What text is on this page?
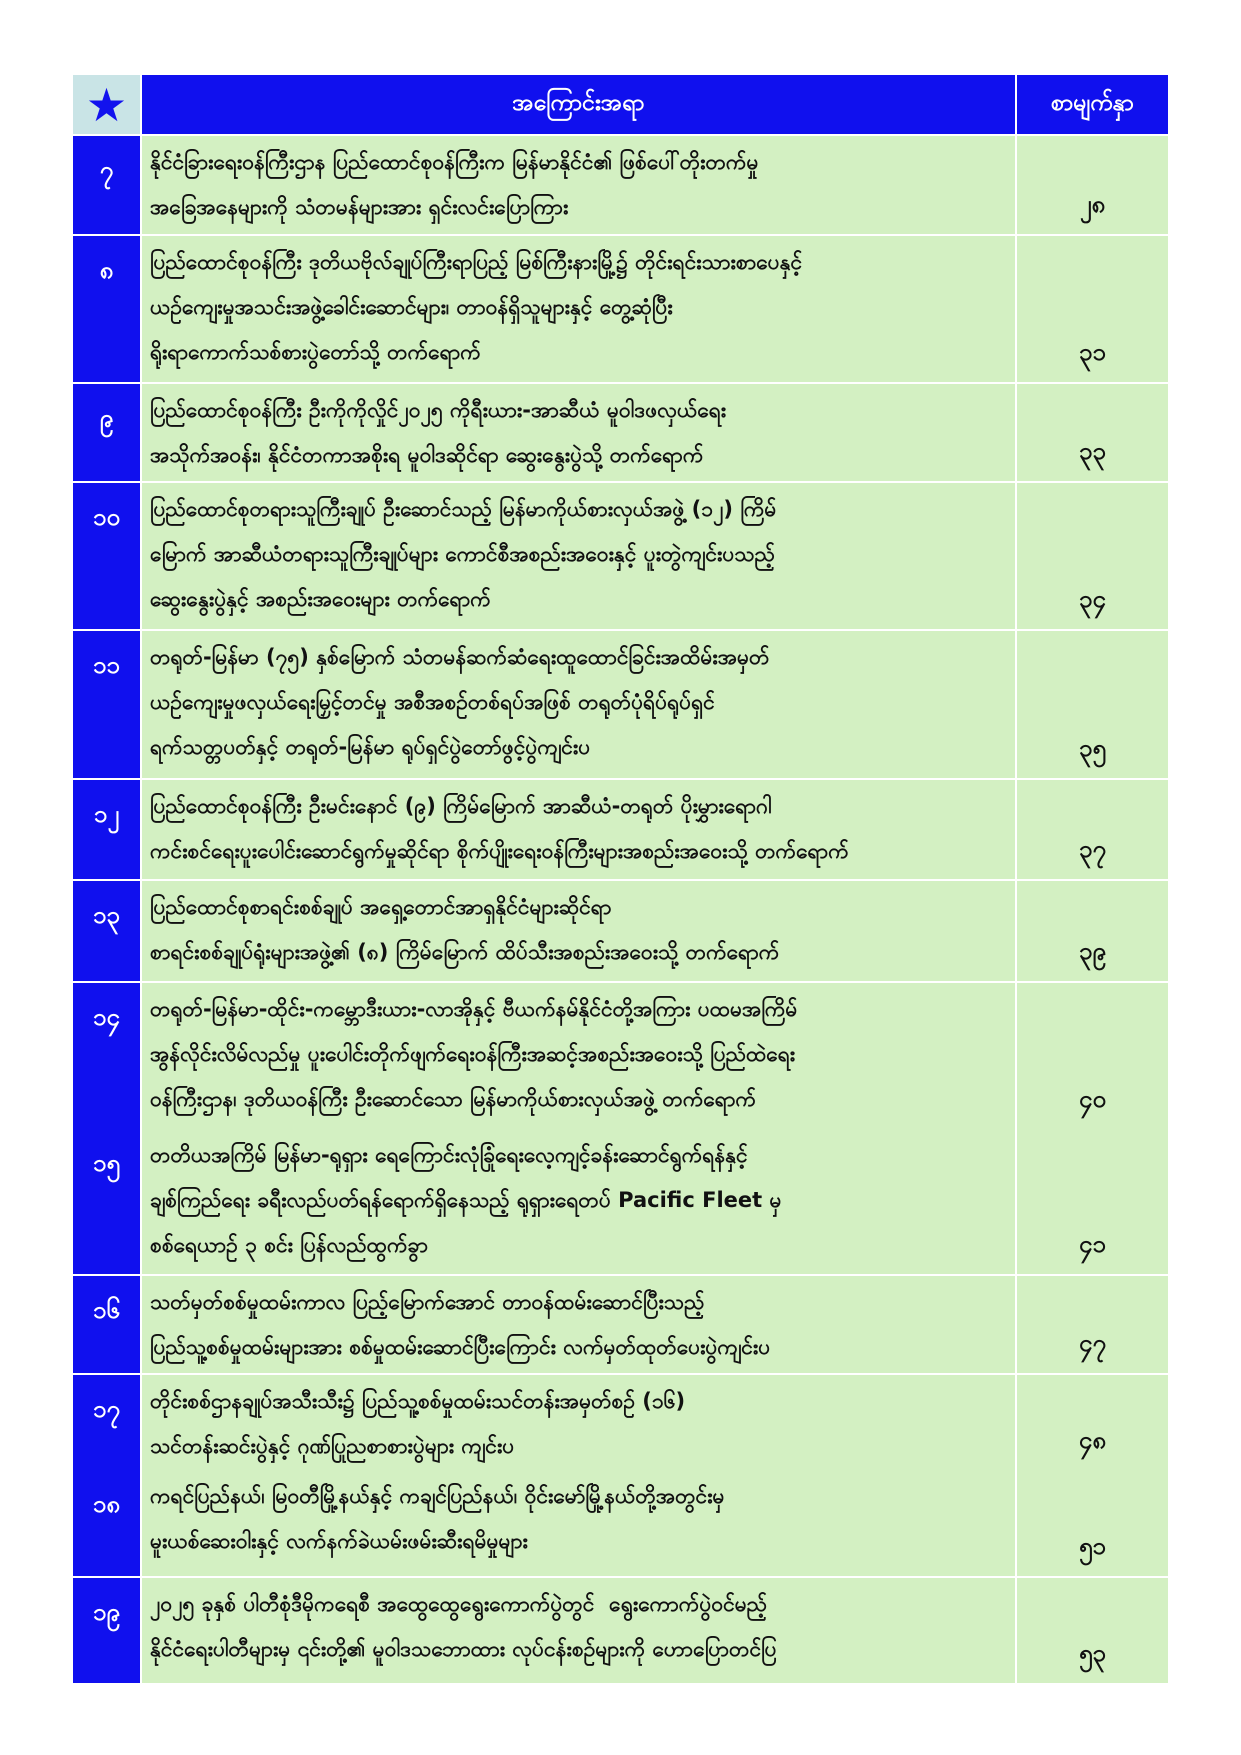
★	အကြောင်းအရာ	စာမျက်နှာ
၇	နိုင်ငံခြားရေးဝန်ကြီးဌာန ပြည်ထောင်စုဝန်ကြီးက မြန်မာနိုင်ငံ၏ ဖြစ်ပေါ်တိုးတက်မှု
အခြေအနေများကို သံတမန်များအား ရှင်းလင်းပြောကြား	၂၈
၈	ပြည်ထောင်စုဝန်ကြီး ဒုတိယဗိုလ်ချုပ်ကြီးရာပြည့် မြစ်ကြီးနားမြို့၌ တိုင်းရင်းသားစာပေနှင့်
ယဉ်ကျေးမှုအသင်းအဖွဲ့ခေါင်းဆောင်များ၊ တာဝန်ရှိသူများနှင့် တွေ့ဆုံပြီး
ရိုးရာကောက်သစ်စားပွဲတော်သို့ တက်ရောက်	၃၁
၉	ပြည်ထောင်စုဝန်ကြီး ဦးကိုကိုလှိုင်၂၀၂၅ ကိုရီးယား-အာဆီယံ မူဝါဒဖလှယ်ရေး
အသိုက်အဝန်း၊ နိုင်ငံတကာအစိုးရ မူဝါဒဆိုင်ရာ ဆွေးနွေးပွဲသို့ တက်ရောက်	၃၃
၁၀	ပြည်ထောင်စုတရားသူကြီးချုပ် ဦးဆောင်သည့် မြန်မာကိုယ်စားလှယ်အဖွဲ့ (၁၂) ကြိမ်
မြောက် အာဆီယံတရားသူကြီးချုပ်များ ကောင်စီအစည်းအဝေးနှင့် ပူးတွဲကျင်းပသည့်
ဆွေးနွေးပွဲနှင့် အစည်းအဝေးများ တက်ရောက်	၃၄
၁၁	တရုတ်-မြန်မာ (၇၅) နှစ်မြောက် သံတမန်ဆက်ဆံရေးထူထောင်ခြင်းအထိမ်းအမှတ်
ယဉ်ကျေးမှုဖလှယ်ရေးမြှင့်တင်မှု အစီအစဉ်တစ်ရပ်အဖြစ် တရုတ်ပုံရိပ်ရုပ်ရှင်
ရက်သတ္တပတ်နှင့် တရုတ်-မြန်မာ ရုပ်ရှင်ပွဲတော်ဖွင့်ပွဲကျင်းပ	၃၅
၁၂	ပြည်ထောင်စုဝန်ကြီး ဦးမင်းနောင် (၉) ကြိမ်မြောက် အာဆီယံ-တရုတ် ပိုးမွှားရောဂါ
ကင်းစင်ရေးပူးပေါင်းဆောင်ရွက်မှုဆိုင်ရာ စိုက်ပျိုးရေးဝန်ကြီးများအစည်းအဝေးသို့ တက်ရောက်	၃၇
၁၃	ပြည်ထောင်စုစာရင်းစစ်ချုပ် အရှေ့တောင်အာရှနိုင်ငံများဆိုင်ရာ
စာရင်းစစ်ချုပ်ရုံးများအဖွဲ့၏ (၈) ကြိမ်မြောက် ထိပ်သီးအစည်းအဝေးသို့ တက်ရောက်	၃၉
၁၄	တရုတ်-မြန်မာ-ထိုင်း-ကမ္ဘောဒီးယား-လာအိုနှင့် ဗီယက်နမ်နိုင်ငံတို့အကြား ပထမအကြိမ်
အွန်လိုင်းလိမ်လည်မှု ပူးပေါင်းတိုက်ဖျက်ရေးဝန်ကြီးအဆင့်အစည်းအဝေးသို့ ပြည်ထဲရေး
ဝန်ကြီးဌာန၊ ဒုတိယဝန်ကြီး ဦးဆောင်သော မြန်မာကိုယ်စားလှယ်အဖွဲ့ တက်ရောက်	၄၀
၁၅	တတိယအကြိမ် မြန်မာ-ရုရှား ရေကြောင်းလုံခြုံရေးလေ့ကျင့်ခန်းဆောင်ရွက်ရန်နှင့်
ချစ်ကြည်ရေး ခရီးလည်ပတ်ရန်ရောက်ရှိနေသည့် ရုရှားရေတပ် Pacific Fleet မှ
စစ်ရေယာဉ် ၃ စင်း ပြန်လည်ထွက်ခွာ	၄၁
၁၆	သတ်မှတ်စစ်မှုထမ်းကာလ ပြည့်မြောက်အောင် တာဝန်ထမ်းဆောင်ပြီးသည့်
ပြည်သူ့စစ်မှုထမ်းများအား စစ်မှုထမ်းဆောင်ပြီးကြောင်း လက်မှတ်ထုတ်ပေးပွဲကျင်းပ	၄၇
၁၇	တိုင်းစစ်ဌာနချုပ်အသီးသီး၌ ပြည်သူ့စစ်မှုထမ်းသင်တန်းအမှတ်စဉ် (၁၆)
သင်တန်းဆင်းပွဲနှင့် ဂုဏ်ပြုညစာစားပွဲများ ကျင်းပ	၄၈
၁၈	ကရင်ပြည်နယ်၊ မြဝတီမြို့နယ်နှင့် ကချင်ပြည်နယ်၊ ဝိုင်းမော်မြို့နယ်တို့အတွင်းမှ
မူးယစ်ဆေးဝါးနှင့် လက်နက်ခဲယမ်းဖမ်းဆီးရမိမှုများ	၅၁
၁၉	၂၀၂၅ ခုနှစ် ပါတီစုံဒီမိုကရေစီ အထွေထွေရွေးကောက်ပွဲတွင်  ရွေးကောက်ပွဲဝင်မည့်
နိုင်ငံရေးပါတီများမှ ၎င်းတို့၏ မူဝါဒသဘောထား လုပ်ငန်းစဉ်များကို ဟောပြောတင်ပြ	၅၃
